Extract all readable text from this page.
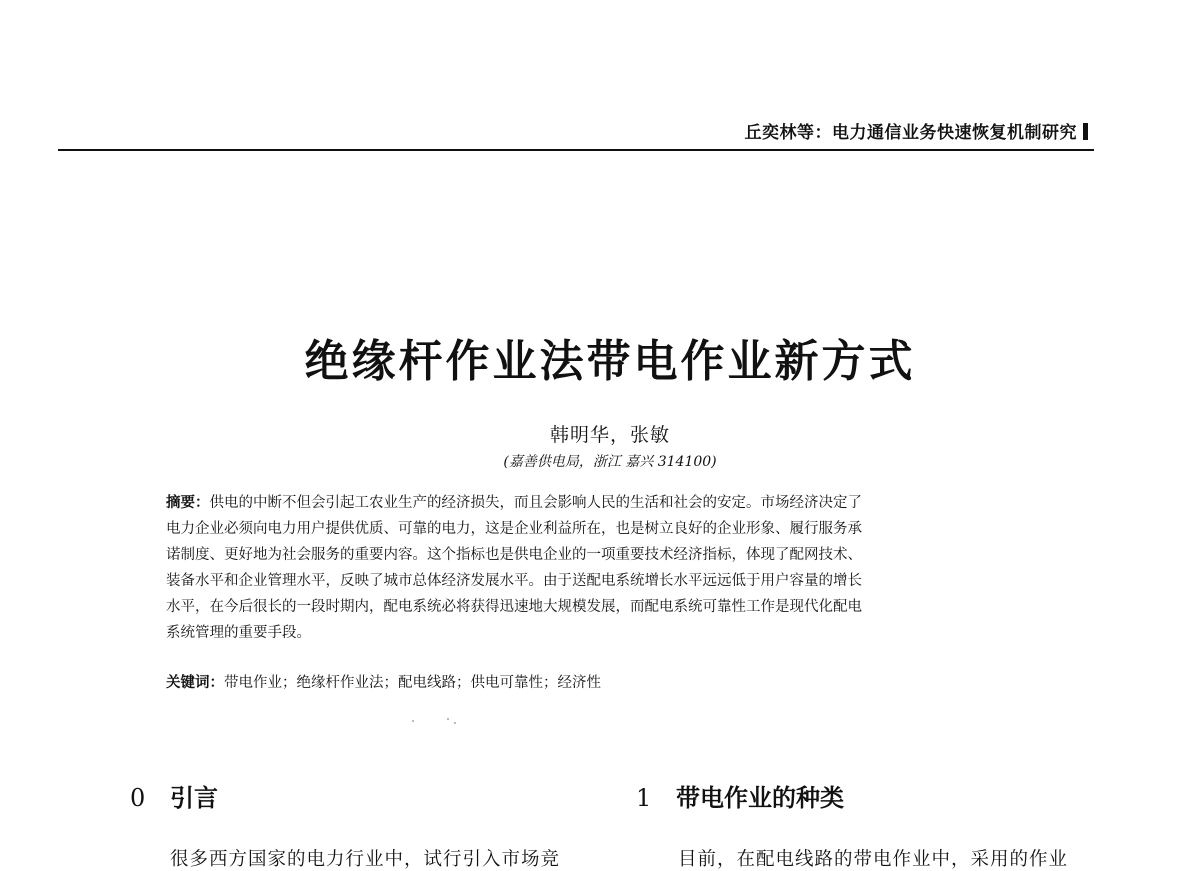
丘奕林等：电力通信业务快速恢复机制研究
绝缘杆作业法带电作业新方式
韩明华，张敏
(嘉善供电局，浙江 嘉兴 314100)

摘要：供电的中断不但会引起工农业生产的经济损失，而且会影响人民的生活和社会的安定。市场经济决定了

电力企业必须向电力用户提供优质、可靠的电力，这是企业利益所在，也是树立良好的企业形象、履行服务承

诺制度、更好地为社会服务的重要内容。这个指标也是供电企业的一项重要技术经济指标，体现了配网技术、

装备水平和企业管理水平，反映了城市总体经济发展水平。由于送配电系统增长水平远远低于用户容量的增长

水平，在今后很长的一段时期内，配电系统必将获得迅速地大规模发展，而配电系统可靠性工作是现代化配电

系统管理的重要手段。

关键词：带电作业；绝缘杆作业法；配电线路；供电可靠性；经济性
0 引言	1 带电作业的种类
很多西方国家的电力行业中，试行引入市场竞	目前，在配电线路的带电作业中，采用的作业
